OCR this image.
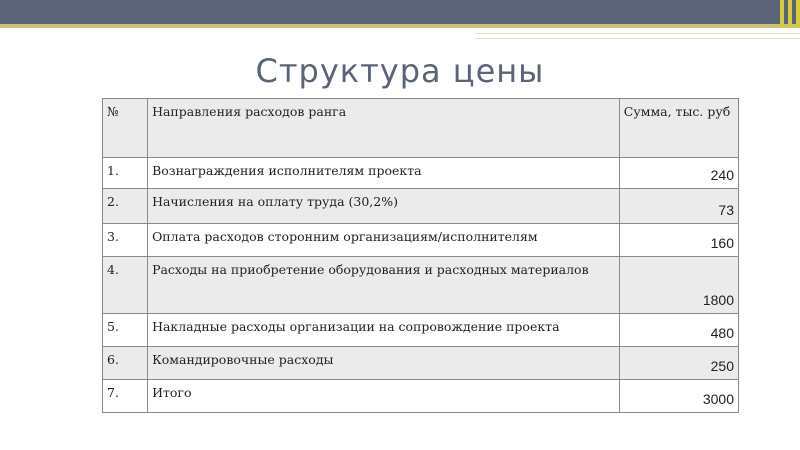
Структура цены
№	Направления расходов ранга	Сумма, тыс. руб
1.	Вознаграждения исполнителям проекта	240
2.	Начисления на оплату труда (30,2%)	73
3.	Оплата расходов сторонним организациям/исполнителям	160
4.	Расходы на приобретение оборудования и расходных материалов	1800
5.	Накладные расходы организации на сопровождение проекта	480
6.	Командировочные расходы	250
7.	Итого	3000
